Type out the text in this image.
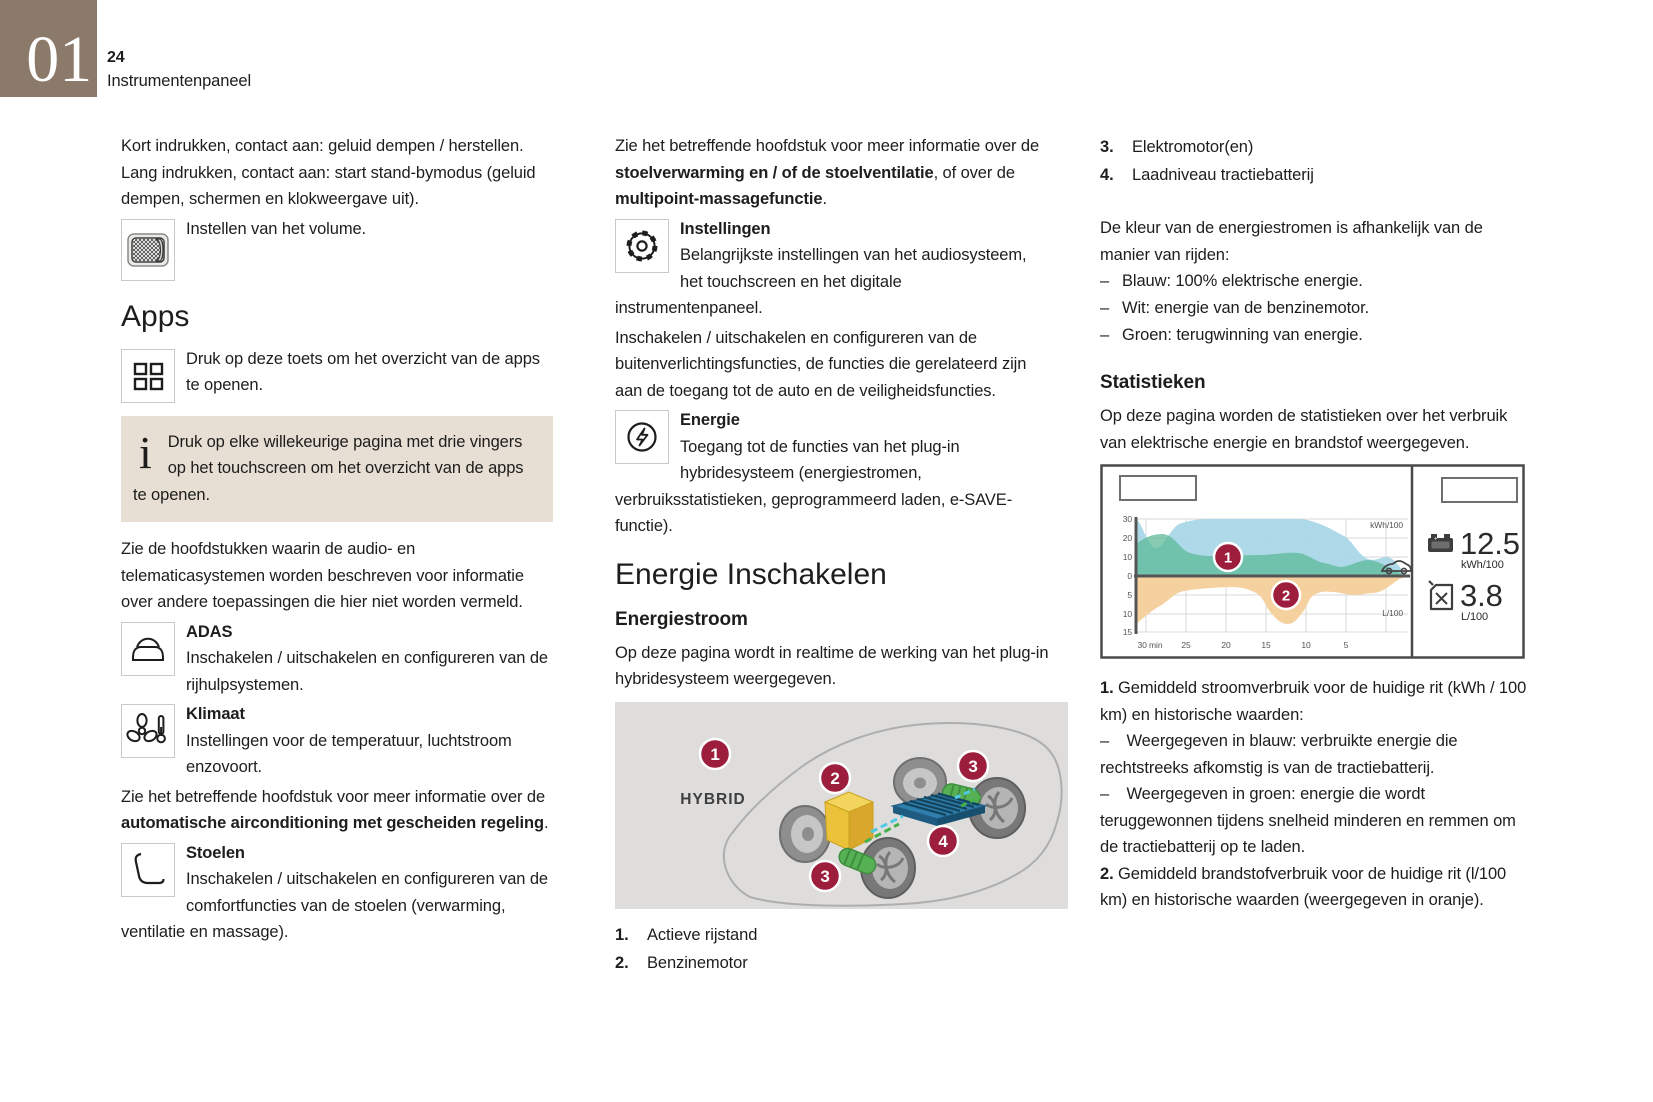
01 24
Instrumentenpaneel

Kort indrukken, contact aan: geluid dempen / herstellen.

Lang indrukken, contact aan: start stand-bymodus (geluid dempen, schermen en klokweergave uit).

Instellen van het volume.
Apps
Druk op deze toets om het overzicht van de apps te openen.
i Druk op elke willekeurige pagina met drie vingers op het touchscreen om het overzicht van de apps te openen.

Zie de hoofdstukken waarin de audio- en telematicasystemen worden beschreven voor informatie over andere toepassingen die hier niet worden vermeld.

ADAS
Inschakelen / uitschakelen en configureren van de rijhulpsystemen.
Klimaat
Instellingen voor de temperatuur, luchtstroom enzovoort.

Zie het betreffende hoofdstuk voor meer informatie over de automatische airconditioning met gescheiden regeling.

Stoelen
Inschakelen / uitschakelen en configureren van de comfortfuncties van de stoelen (verwarming, ventilatie en massage).

Zie het betreffende hoofdstuk voor meer informatie over de stoelverwarming en / of de stoelventilatie, of over de multipoint-massagefunctie.

Instellingen
Belangrijkste instellingen van het audiosysteem, het touchscreen en het digitale instrumentenpaneel.

Inschakelen / uitschakelen en configureren van de buitenverlichtingsfuncties, de functies die gerelateerd zijn aan de toegang tot de auto en de veiligheidsfuncties.

Energie
Toegang tot de functies van het plug-in hybridesysteem (energiestromen, verbruiksstatistieken, geprogrammeerd laden, e-SAVE-functie).
Energie Inschakelen
Energiestroom

Op deze pagina wordt in realtime de werking van het plug-in hybridesysteem weergegeven.

1
HYBRID
2
3
3
4
1.	Actieve rijstand
2.	Benzinemotor
3.	Elektromotor(en)
4.	Laadniveau tractiebatterij

De kleur van de energiestromen is afhankelijk van de manier van rijden:

– Blauw: 100% elektrische energie.
– Wit: energie van de benzinemotor.
– Groen: terugwinning van energie.
Statistieken

Op deze pagina worden de statistieken over het verbruik van elektrische energie en brandstof weergegeven.

30
20
10
0
5
10
15
30 min 25	20	15	10	5
kWh/100
L/100
1
2
+ 12.5
kWh/100
3.8
L/100

1. Gemiddeld stroomverbruik voor de huidige rit (kWh / 100 km) en historische waarden:

– Weergegeven in blauw: verbruikte energie die rechtstreeks afkomstig is van de tractiebatterij.

– Weergegeven in groen: energie die wordt teruggewonnen tijdens snelheid minderen en remmen om de tractiebatterij op te laden.

2. Gemiddeld brandstofverbruik voor de huidige rit (l/100 km) en historische waarden (weergegeven in oranje).
